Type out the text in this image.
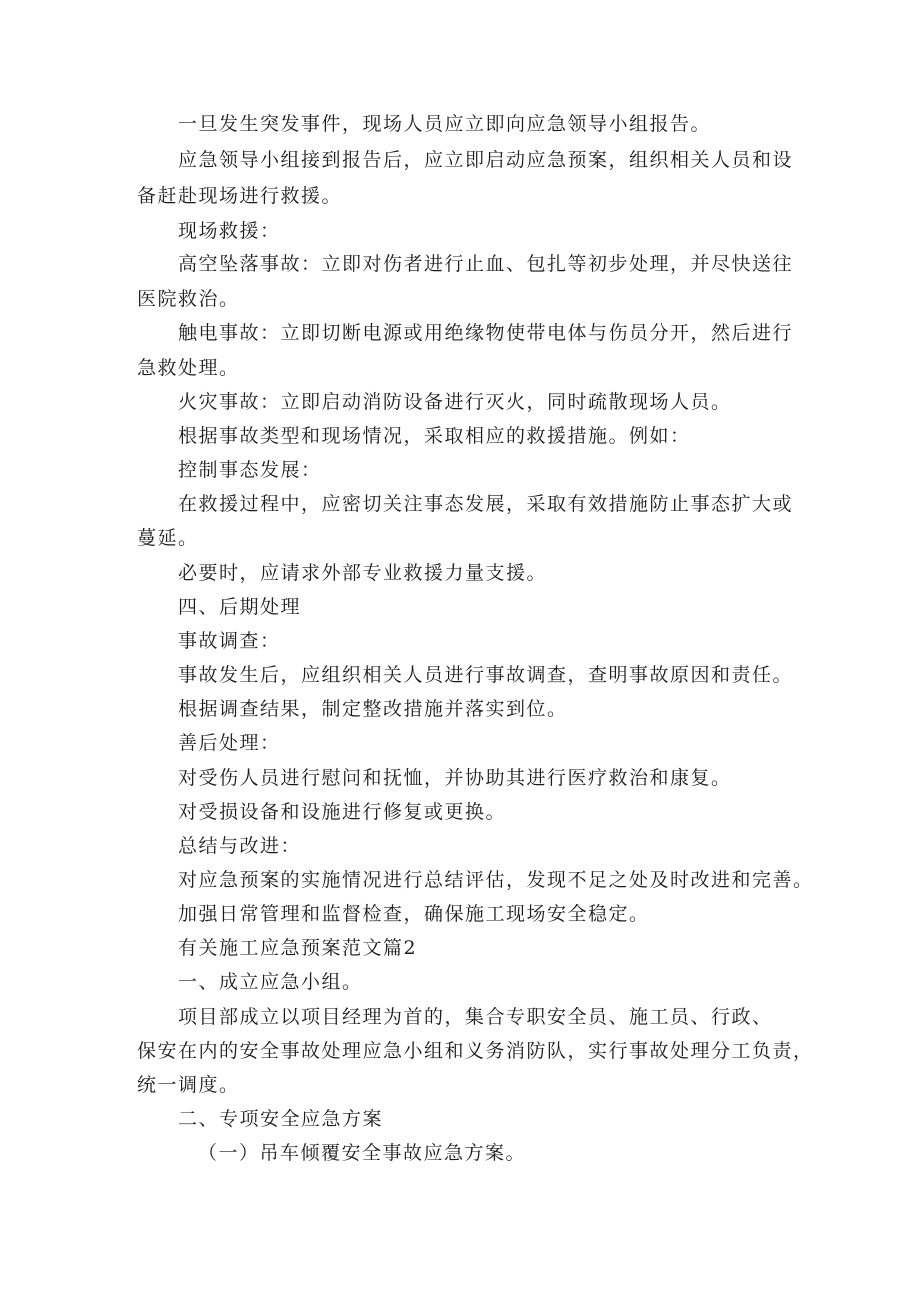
一旦发生突发事件，现场人员应立即向应急领导小组报告。
应急领导小组接到报告后，应立即启动应急预案，组织相关人员和设
备赶赴现场进行救援。
现场救援：
高空坠落事故：立即对伤者进行止血、包扎等初步处理，并尽快送往
医院救治。
触电事故：立即切断电源或用绝缘物使带电体与伤员分开，然后进行
急救处理。
火灾事故：立即启动消防设备进行灭火，同时疏散现场人员。
根据事故类型和现场情况，采取相应的救援措施。例如：
控制事态发展：
在救援过程中，应密切关注事态发展，采取有效措施防止事态扩大或
蔓延。
必要时，应请求外部专业救援力量支援。
四、后期处理
事故调查：
事故发生后，应组织相关人员进行事故调查，查明事故原因和责任。
根据调查结果，制定整改措施并落实到位。
善后处理：
对受伤人员进行慰问和抚恤，并协助其进行医疗救治和康复。
对受损设备和设施进行修复或更换。
总结与改进：
对应急预案的实施情况进行总结评估，发现不足之处及时改进和完善。
加强日常管理和监督检查，确保施工现场安全稳定。
有关施工应急预案范文篇2
一、成立应急小组。
项目部成立以项目经理为首的，集合专职安全员、施工员、行政、
保安在内的安全事故处理应急小组和义务消防队，实行事故处理分工负责，
统一调度。
二、专项安全应急方案
（一）吊车倾覆安全事故应急方案。
